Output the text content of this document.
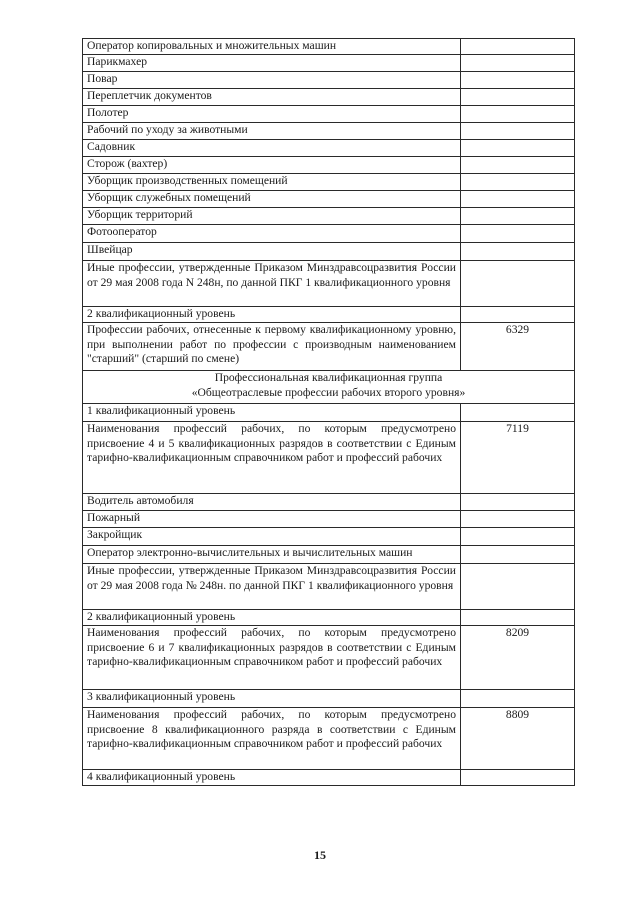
Оператор копировальных и множительных машин	
Парикмахер	
Повар	
Переплетчик документов	
Полотер	
Рабочий по уходу за животными	
Садовник	
Сторож (вахтер)	
Уборщик производственных помещений	
Уборщик служебных помещений	
Уборщик территорий	
Фотооператор	
Швейцар	
Иные профессии, утвержденные Приказом Минздравсоцразвития России от 29 мая 2008 года N 248н, по данной ПКГ 1 квалификационного уровня	
2 квалификационный уровень	
Профессии рабочих, отнесенные к первому квалификационному уровню, при выполнении работ по профессии с производным наименованием "старший" (старший по смене)	6329

Профессиональная квалификационная группа
«Общеотраслевые профессии рабочих второго уровня»	

1 квалификационный уровень	
Наименования профессий рабочих, по которым предусмотрено присвоение 4 и 5 квалификационных разрядов в соответствии с Единым тарифно-квалификационным справочником работ и профессий рабочих	7119
Водитель автомобиля	
Пожарный	
Закройщик	
Оператор электронно-вычислительных и вычислительных машин	
Иные профессии, утвержденные Приказом Минздравсоцразвития России от 29 мая 2008 года № 248н. по данной ПКГ 1 квалификационного уровня	
2 квалификационный уровень	
Наименования профессий рабочих, по которым предусмотрено присвоение 6 и 7 квалификационных разрядов в соответствии с Единым тарифно-квалификационным справочником работ и профессий рабочих	8209
3 квалификационный уровень	
Наименования профессий рабочих, по которым предусмотрено присвоение 8 квалификационного разряда в соответствии с Единым тарифно-квалификационным справочником работ и профессий рабочих	8809
4 квалификационный уровень	
15
